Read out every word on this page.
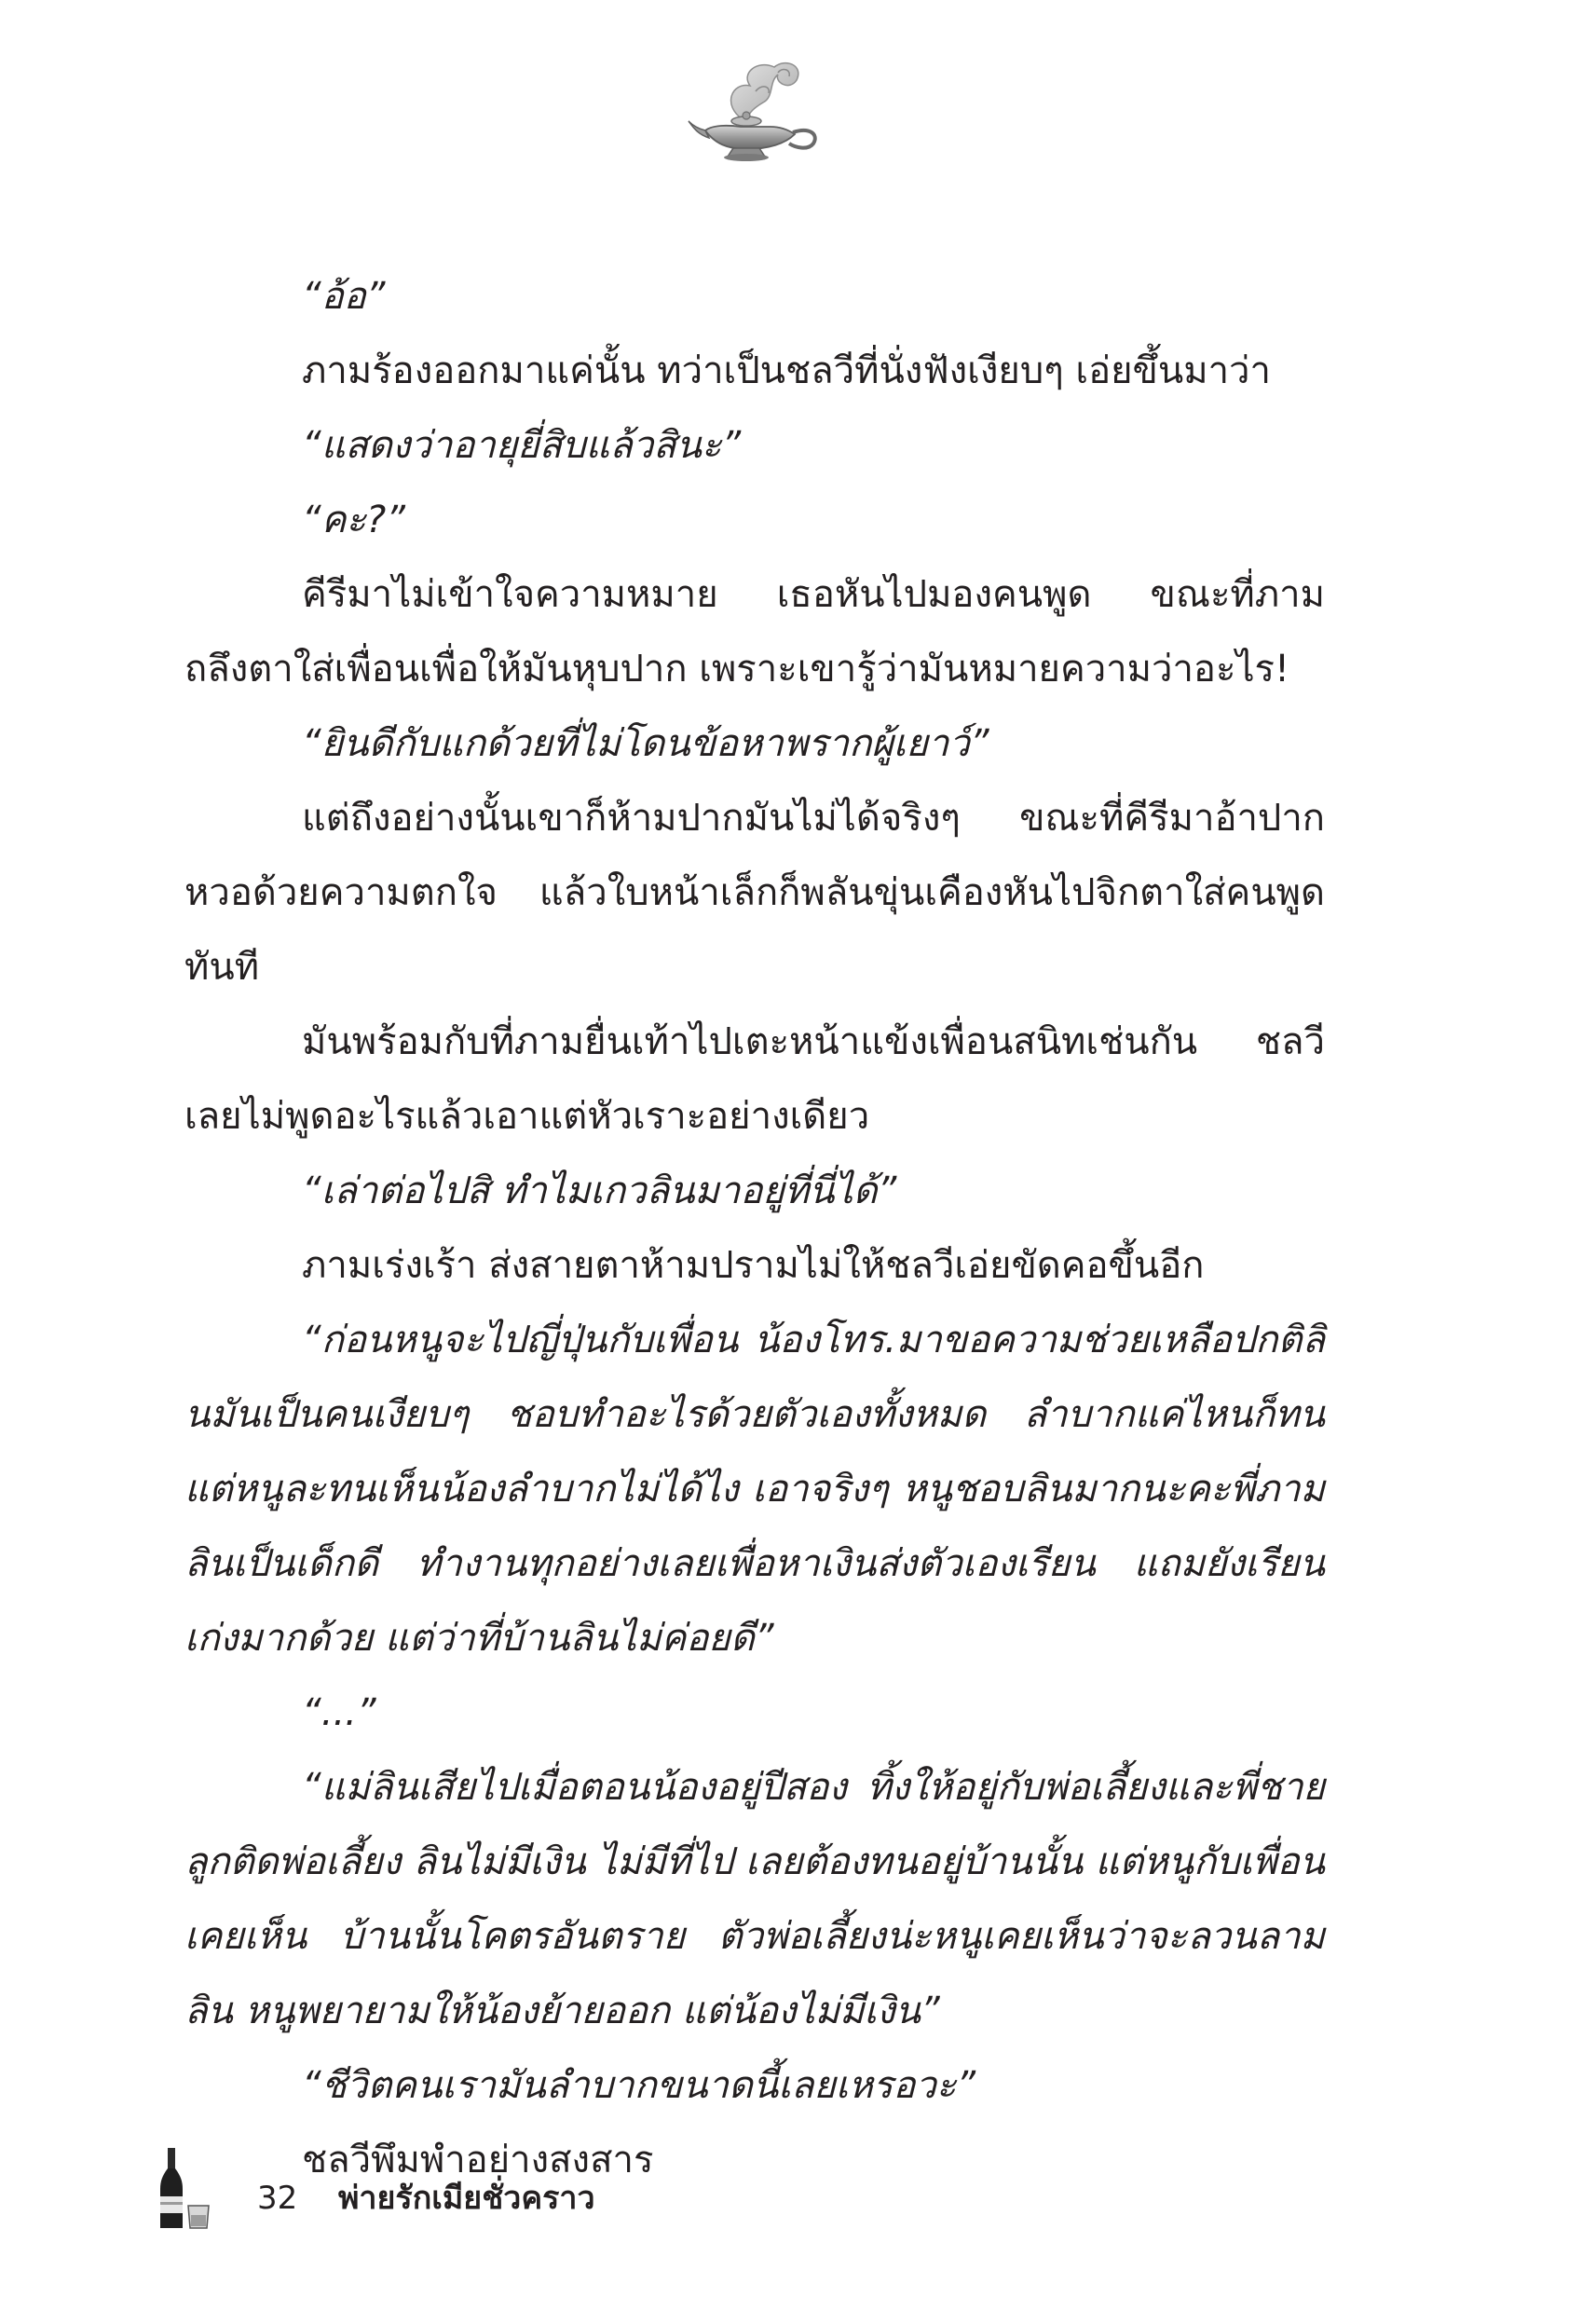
“อ้อ”

ภามร้องออกมาแค่นั้น ทว่าเป็นชลวีที่นั่งฟังเงียบๆ เอ่ยขึ้นมาว่า

“แสดงว่าอายุยี่สิบแล้วสินะ”

“คะ?”

คีรีมาไม่เข้าใจความหมาย เธอหันไปมองคนพูด ขณะที่ภามถลึงตาใส่เพื่อนเพื่อให้มันหุบปาก เพราะเขารู้ว่ามันหมายความว่าอะไร!

“ยินดีกับแกด้วยที่ไม่โดนข้อหาพรากผู้เยาว์”

แต่ถึงอย่างนั้นเขาก็ห้ามปากมันไม่ได้จริงๆ ขณะที่คีรีมาอ้าปากหวอด้วยความตกใจ แล้วใบหน้าเล็กก็พลันขุ่นเคืองหันไปจิกตาใส่คนพูดทันที

มันพร้อมกับที่ภามยื่นเท้าไปเตะหน้าแข้งเพื่อนสนิทเช่นกัน ชลวีเลยไม่พูดอะไรแล้วเอาแต่หัวเราะอย่างเดียว

“เล่าต่อไปสิ ทำไมเกวลินมาอยู่ที่นี่ได้”

ภามเร่งเร้า ส่งสายตาห้ามปรามไม่ให้ชลวีเอ่ยขัดคอขึ้นอีก

“ก่อนหนูจะไปญี่ปุ่นกับเพื่อน น้องโทร.มาขอความช่วยเหลือปกติลินมันเป็นคนเงียบๆ ชอบทำอะไรด้วยตัวเองทั้งหมด ลำบากแค่ไหนก็ทน แต่หนูละทนเห็นน้องลำบากไม่ได้ไง เอาจริงๆ หนูชอบลินมากนะคะพี่ภาม ลินเป็นเด็กดี ทำงานทุกอย่างเลยเพื่อหาเงินส่งตัวเองเรียน แถมยังเรียนเก่งมากด้วย แต่ว่าที่บ้านลินไม่ค่อยดี”

“...”

“แม่ลินเสียไปเมื่อตอนน้องอยู่ปีสอง ทิ้งให้อยู่กับพ่อเลี้ยงและพี่ชายลูกติดพ่อเลี้ยง ลินไม่มีเงิน ไม่มีที่ไป เลยต้องทนอยู่บ้านนั้น แต่หนูกับเพื่อนเคยเห็น บ้านนั้นโคตรอันตราย ตัวพ่อเลี้ยงน่ะหนูเคยเห็นว่าจะลวนลามลิน หนูพยายามให้น้องย้ายออก แต่น้องไม่มีเงิน”

“ชีวิตคนเรามันลำบากขนาดนี้เลยเหรอวะ”

ชลวีพึมพำอย่างสงสาร

32 พ่ายรักเมียชั่วคราว
